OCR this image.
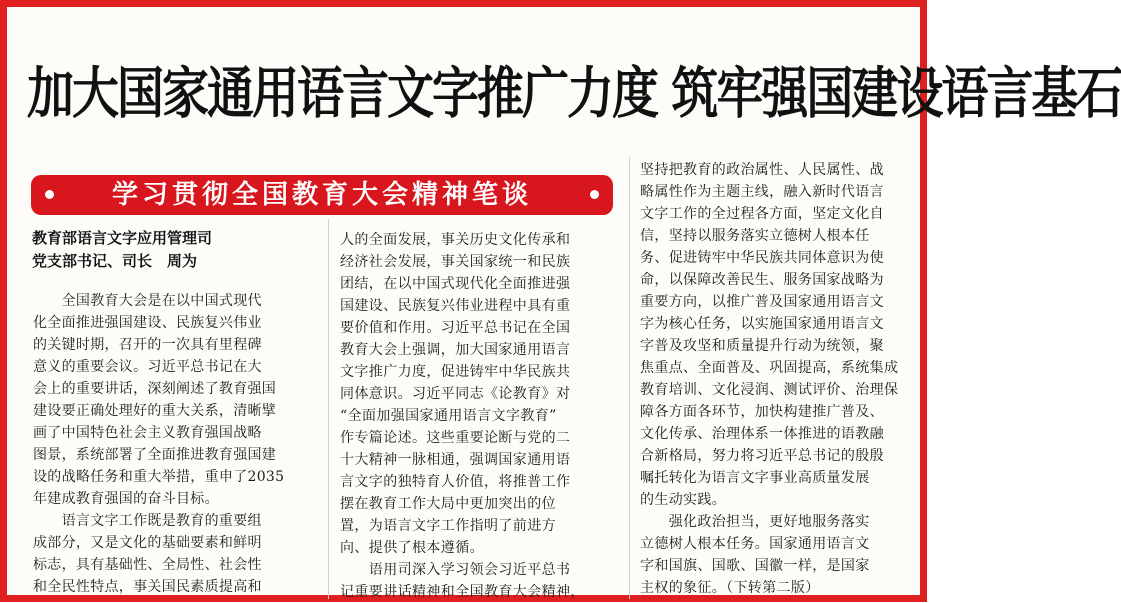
加大国家通用语言文字推广力度 筑牢强国建设语言基石
学习贯彻全国教育大会精神笔谈
教育部语言文字应用管理司
党支部书记、司长　周为
　　全国教育大会是在以中国式现代
化全面推进强国建设、民族复兴伟业
的关键时期，召开的一次具有里程碑
意义的重要会议。习近平总书记在大
会上的重要讲话，深刻阐述了教育强国
建设要正确处理好的重大关系，清晰擘
画了中国特色社会主义教育强国战略
图景，系统部署了全面推进教育强国建
设的战略任务和重大举措，重申了2035
年建成教育强国的奋斗目标。
　　语言文字工作既是教育的重要组
成部分，又是文化的基础要素和鲜明
标志，具有基础性、全局性、社会性
和全民性特点，事关国民素质提高和
人的全面发展，事关历史文化传承和
经济社会发展，事关国家统一和民族
团结，在以中国式现代化全面推进强
国建设、民族复兴伟业进程中具有重
要价值和作用。习近平总书记在全国
教育大会上强调，加大国家通用语言
文字推广力度，促进铸牢中华民族共
同体意识。习近平同志《论教育》对
“全面加强国家通用语言文字教育”
作专篇论述。这些重要论断与党的二
十大精神一脉相通，强调国家通用语
言文字的独特育人价值，将推普工作
摆在教育工作大局中更加突出的位
置，为语言文字工作指明了前进方
向、提供了根本遵循。
　　语用司深入学习领会习近平总书
记重要讲话精神和全国教育大会精神，
坚持把教育的政治属性、人民属性、战
略属性作为主题主线，融入新时代语言
文字工作的全过程各方面，坚定文化自
信，坚持以服务落实立德树人根本任
务、促进铸牢中华民族共同体意识为使
命，以保障改善民生、服务国家战略为
重要方向，以推广普及国家通用语言文
字为核心任务，以实施国家通用语言文
字普及攻坚和质量提升行动为统领，聚
焦重点、全面普及、巩固提高，系统集成
教育培训、文化浸润、测试评价、治理保
障各方面各环节，加快构建推广普及、
文化传承、治理体系一体推进的语教融
合新格局，努力将习近平总书记的殷殷
嘱托转化为语言文字事业高质量发展
的生动实践。
　　强化政治担当，更好地服务落实
立德树人根本任务。国家通用语言文
字和国旗、国歌、国徽一样，是国家
主权的象征。（下转第二版）
